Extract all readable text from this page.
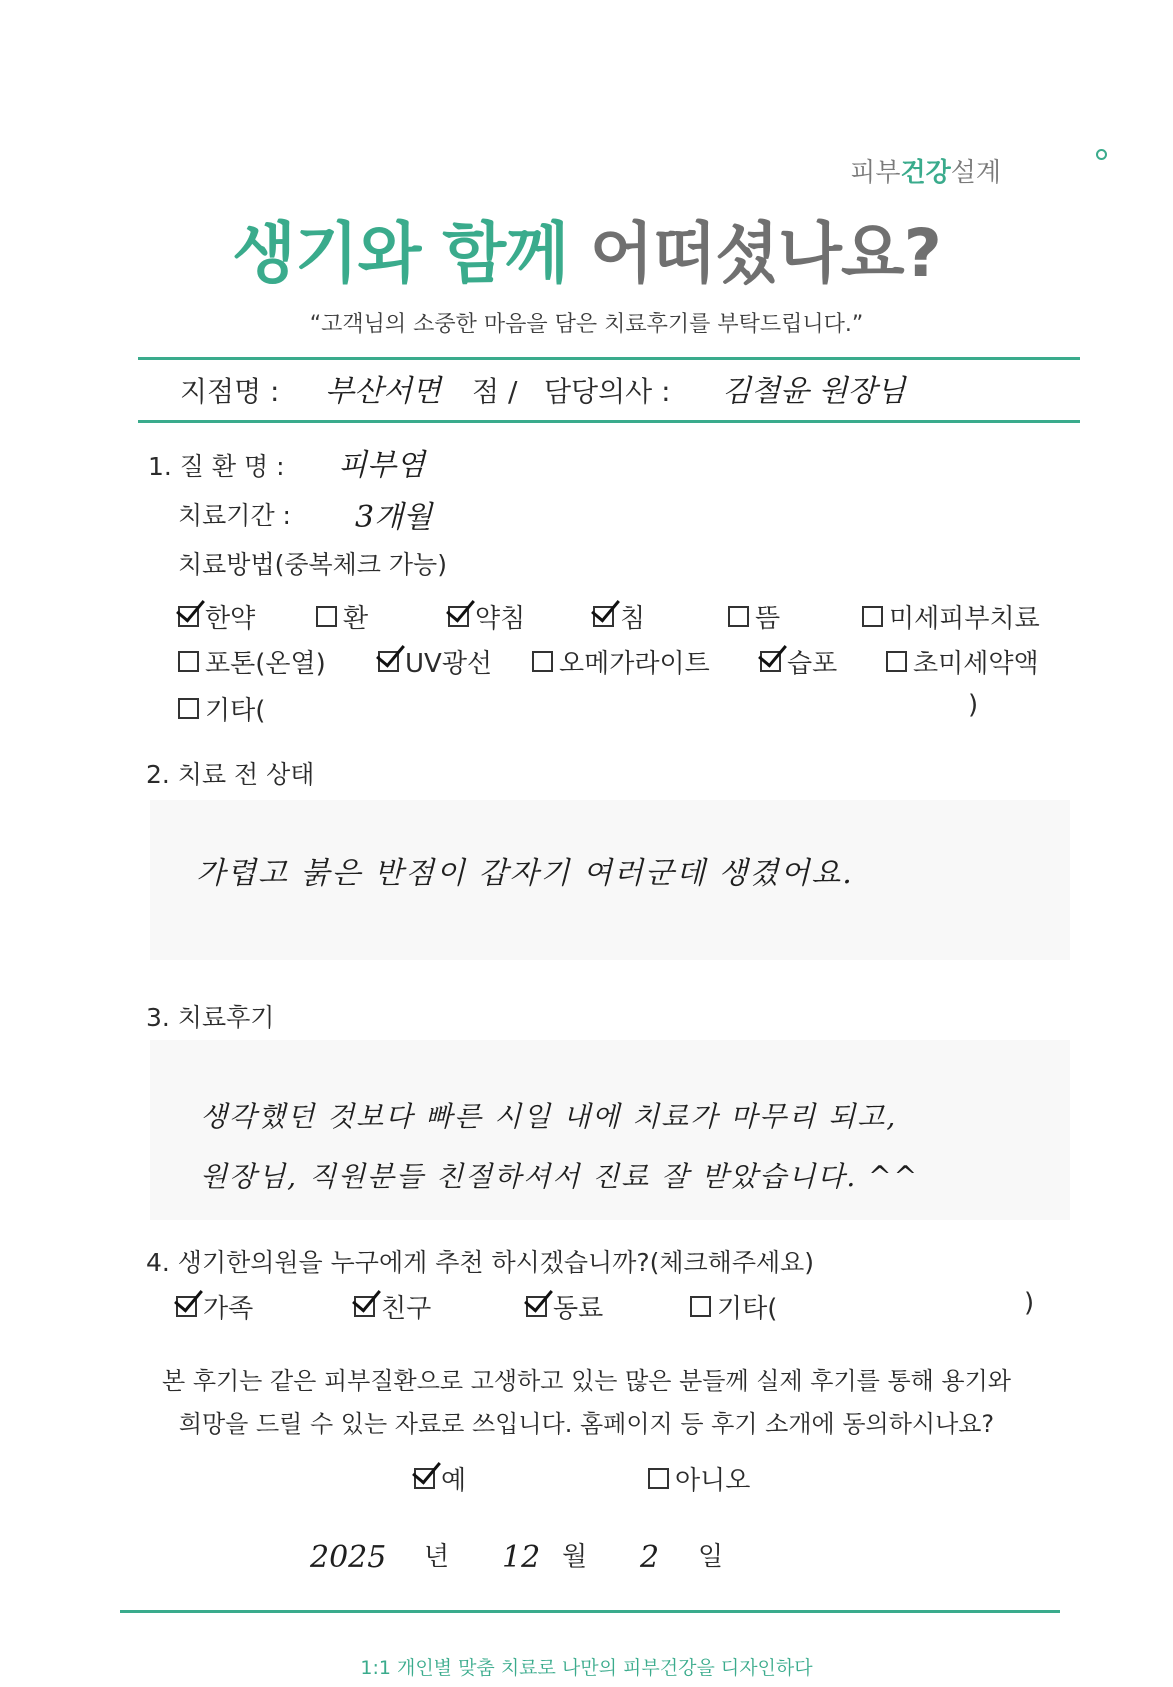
피부건강설계
생기와 함께 어떠셨나요?
“고객님의 소중한 마음을 담은 치료후기를 부탁드립니다.”
지점명 : 부산서면 점 / 담당의사 : 김철윤 원장님
1. 질 환 명 : 피부염
치료기간 : 3개월
치료방법(중복체크 가능)
한약	환	약침	침	뜸	미세피부치료
포톤(온열)	UV광선	오메가라이트	습포	초미세약액
기타(	)
2. 치료 전 상태
가렵고 붉은 반점이 갑자기 여러군데 생겼어요.
3. 치료후기
생각했던 것보다 빠른 시일 내에 치료가 마무리 되고,
원장님, 직원분들 친절하셔서 진료 잘 받았습니다. ^^
4. 생기한의원을 누구에게 추천 하시겠습니까?(체크해주세요)
가족	친구	동료	기타(	)
본 후기는 같은 피부질환으로 고생하고 있는 많은 분들께 실제 후기를 통해 용기와
희망을 드릴 수 있는 자료로 쓰입니다. 홈페이지 등 후기 소개에 동의하시나요?
예	아니오
2025 년 12 월 2 일
1:1 개인별 맞춤 치료로 나만의 피부건강을 디자인하다
